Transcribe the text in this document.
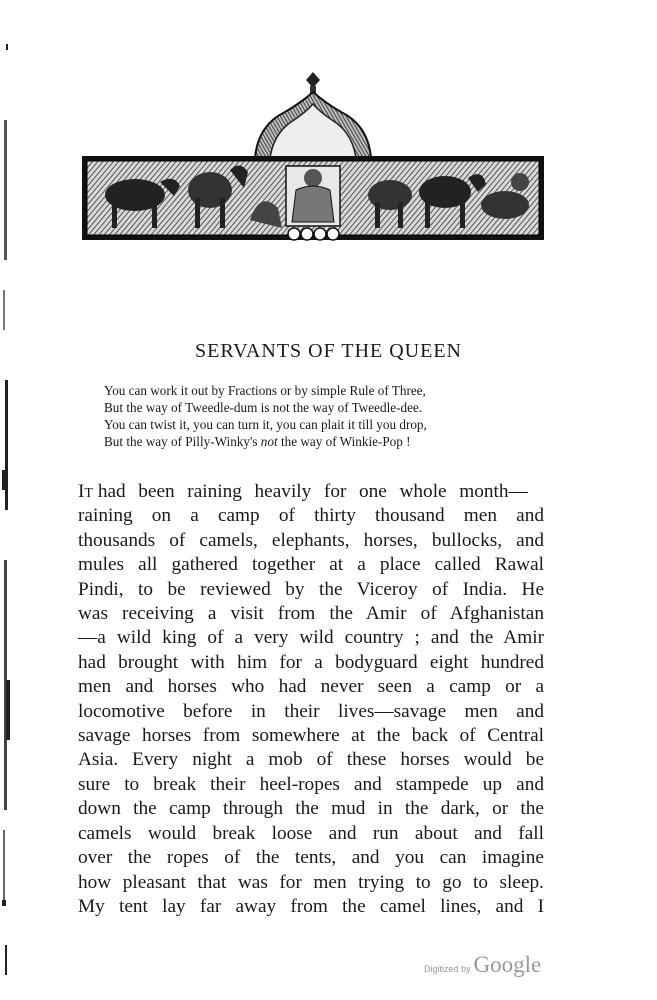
SERVANTS OF THE QUEEN
You can work it out by Fractions or by simple Rule of Three,
But the way of Tweedle-dum is not the way of Tweedle-dee.
You can twist it, you can turn it, you can plait it till you drop,
But the way of Pilly-Winky's not the way of Winkie-Pop !
It
had been raining heavily for one whole month—
raining on a camp of thirty thousand men and
thousands of camels, elephants, horses, bullocks, and
mules all gathered together at a place called Rawal
Pindi, to be reviewed by the Viceroy of India. He
was receiving a visit from the Amir of Afghanistan
—a wild king of a very wild country ; and the Amir
had brought with him for a bodyguard eight hundred
men and horses who had never seen a camp or a
locomotive before in their lives—savage men and
savage horses from somewhere at the back of Central
Asia. Every night a mob of these horses would be
sure to break their heel-ropes and stampede up and
down the camp through the mud in the dark, or the
camels would break loose and run about and fall
over the ropes of the tents, and you can imagine
how pleasant that was for men trying to go to sleep.
My tent lay far away from the camel lines, and I
Digitized by Google
